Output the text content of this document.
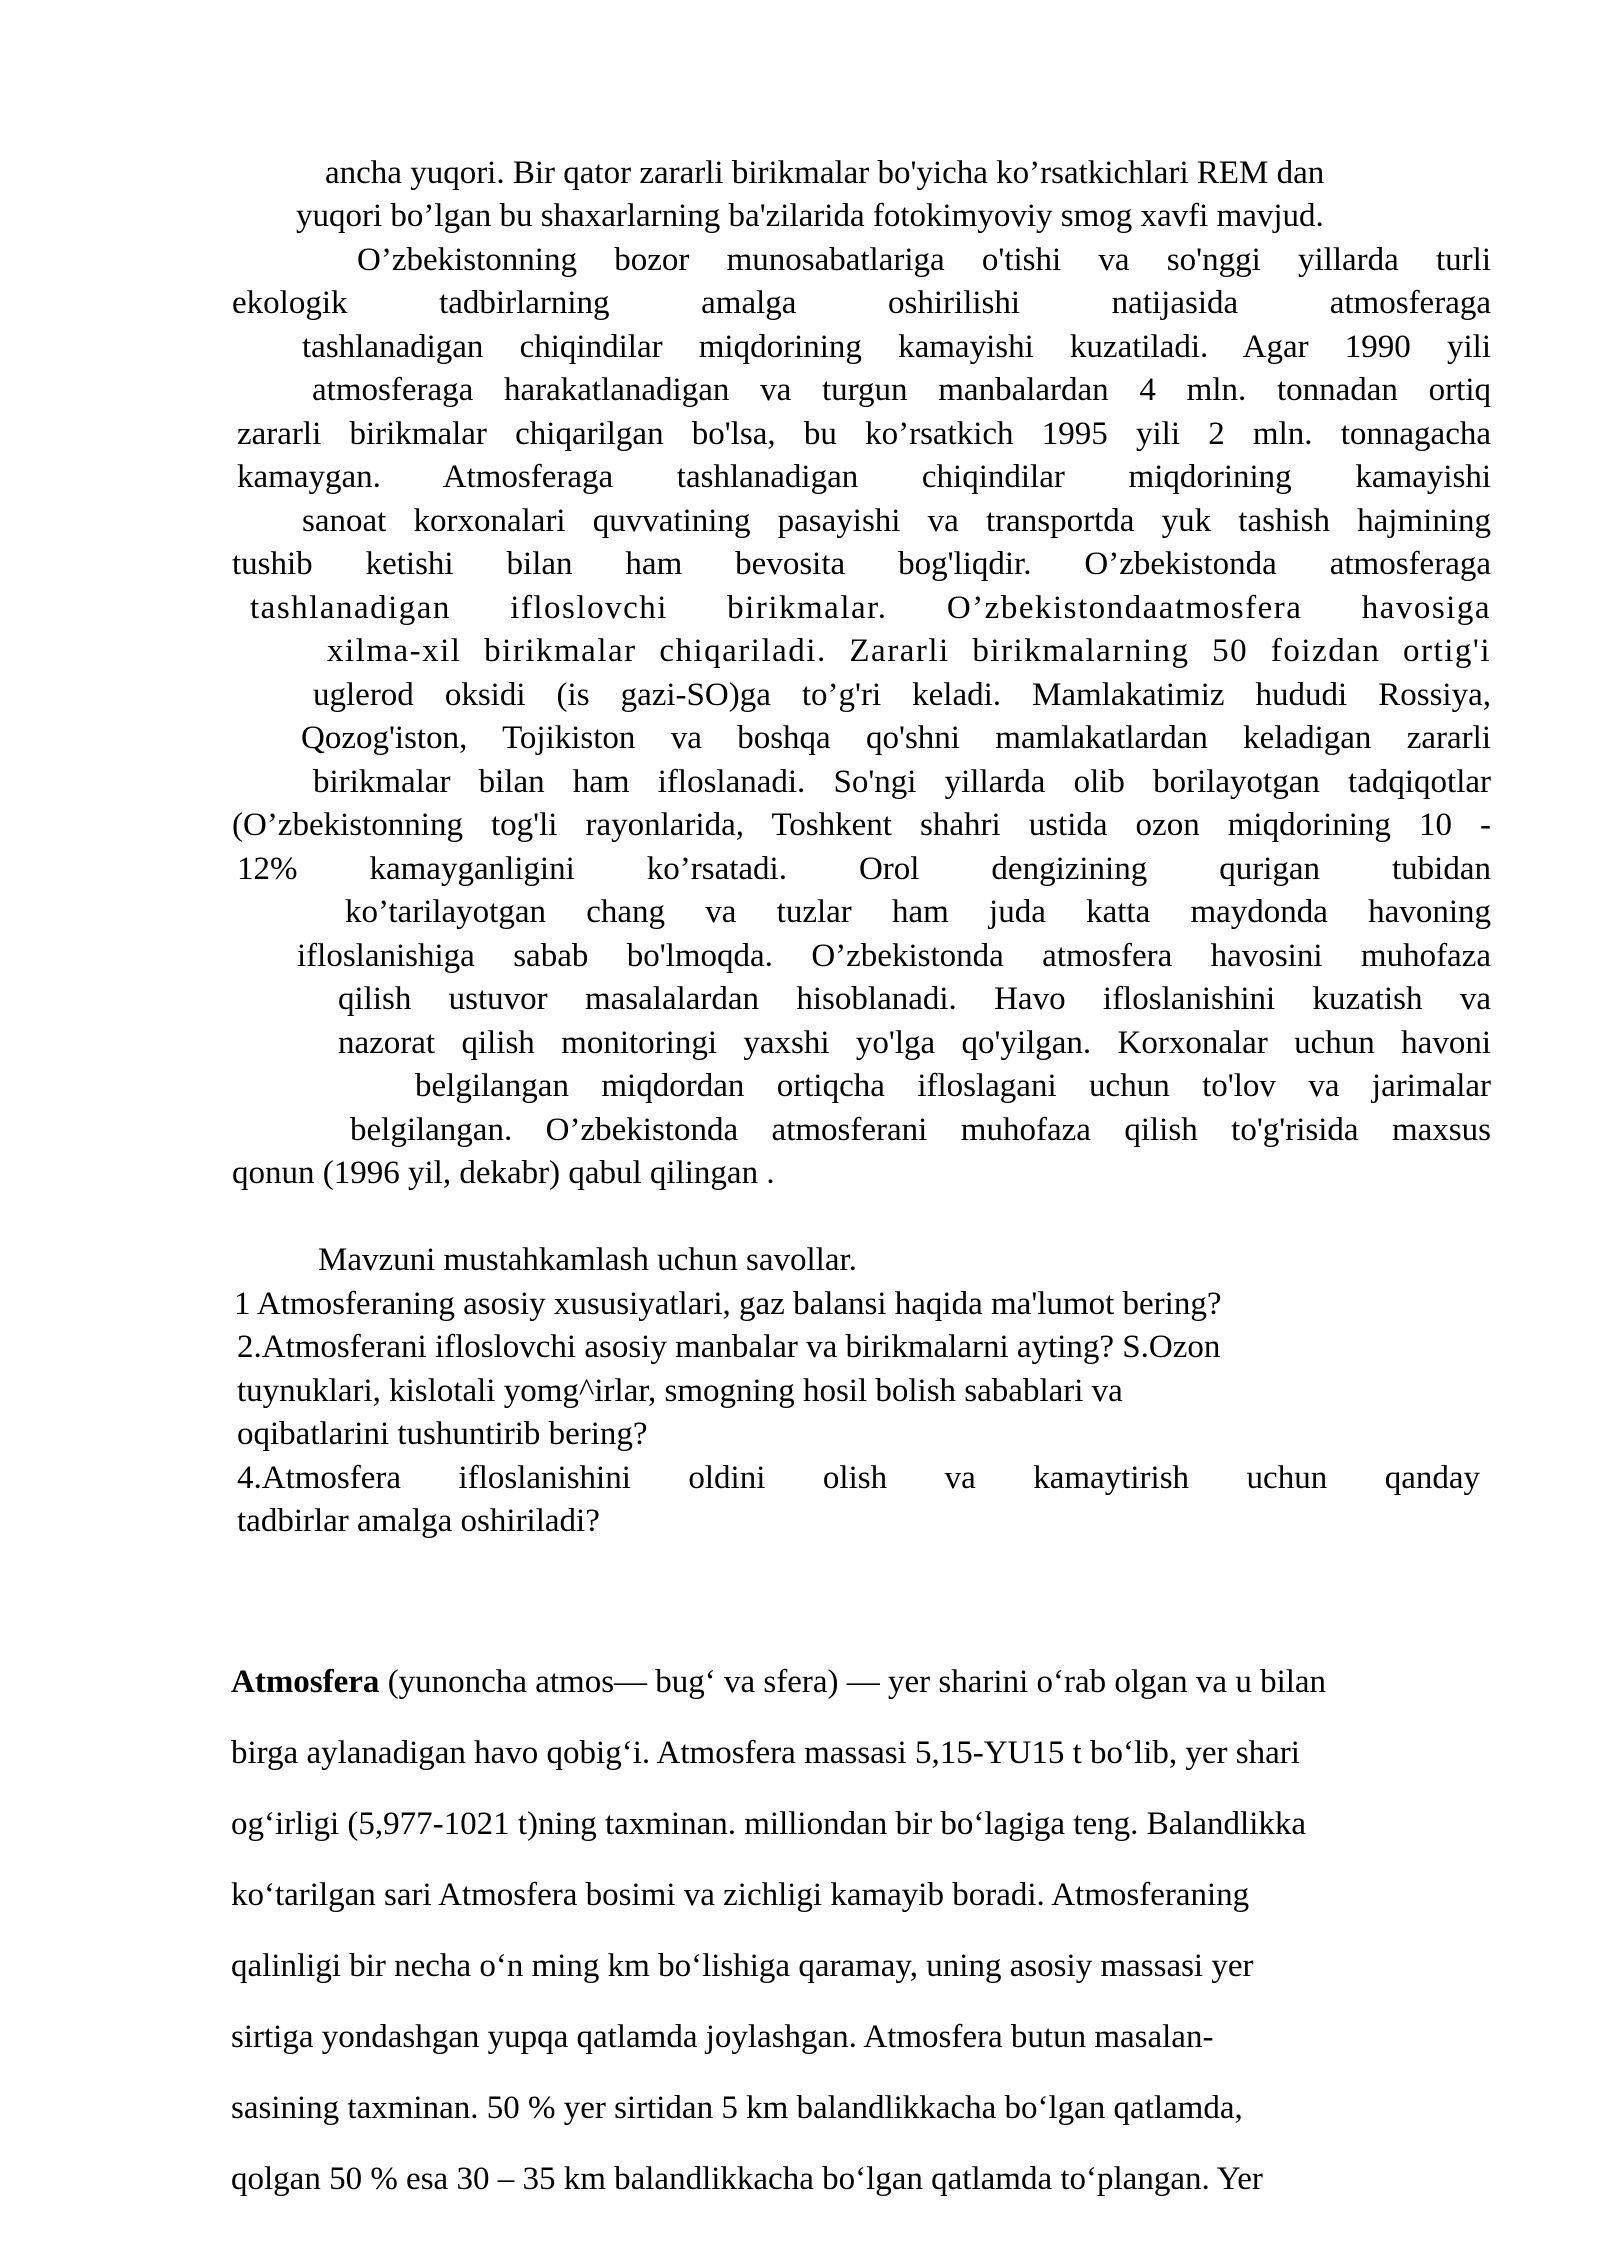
ancha yuqori. Bir qator zararli birikmalar bo'yicha ko’rsatkichlari REM dan
yuqori bo’lgan bu shaxarlarning ba'zilarida fotokimyoviy smog xavfi mavjud.
O’zbekistonning bozor munosabatlariga o'tishi va so'nggi yillarda turli
ekologik tadbirlarning amalga oshirilishi natijasida atmosferaga
tashlanadigan chiqindilar miqdorining kamayishi kuzatiladi. Agar 1990 yili
atmosferaga harakatlanadigan va turgun manbalardan 4 mln. tonnadan ortiq
zararli birikmalar chiqarilgan bo'lsa, bu ko’rsatkich 1995 yili 2 mln. tonnagacha
kamaygan. Atmosferaga tashlanadigan chiqindilar miqdorining kamayishi
sanoat korxonalari quvvatining pasayishi va transportda yuk tashish hajmining
tushib ketishi bilan ham bevosita bog'liqdir. O’zbekistonda atmosferaga
tashlanadigan ifloslovchi birikmalar. O’zbekistondaatmosfera havosiga
xilma-xil birikmalar chiqariladi. Zararli birikmalarning 50 foizdan ortig'i
uglerod oksidi (is gazi-SO)ga to’g'ri keladi. Mamlakatimiz hududi Rossiya,
Qozog'iston, Tojikiston va boshqa qo'shni mamlakatlardan keladigan zararli
birikmalar bilan ham ifloslanadi. So'ngi yillarda olib borilayotgan tadqiqotlar
(O’zbekistonning tog'li rayonlarida, Toshkent shahri ustida ozon miqdorining 10 -
12% kamayganligini ko’rsatadi. Orol dengizining qurigan tubidan
ko’tarilayotgan chang va tuzlar ham juda katta maydonda havoning
ifloslanishiga sabab bo'lmoqda. O’zbekistonda atmosfera havosini muhofaza
qilish ustuvor masalalardan hisoblanadi. Havo ifloslanishini kuzatish va
nazorat qilish monitoringi yaxshi yo'lga qo'yilgan. Korxonalar uchun havoni
belgilangan miqdordan ortiqcha ifloslagani uchun to'lov va jarimalar
belgilangan. O’zbekistonda atmosferani muhofaza qilish to'g'risida maxsus
qonun (1996 yil, dekabr) qabul qilingan .
Mavzuni mustahkamlash uchun savollar.
1 Atmosferaning asosiy xususiyatlari, gaz balansi haqida ma'lumot bering?
2.Atmosferani ifloslovchi asosiy manbalar va birikmalarni ayting? S.Ozon
tuynuklari, kislotali yomg^irlar, smogning hosil bolish sabablari va
oqibatlarini tushuntirib bering?
4.Atmosfera ifloslanishini oldini olish va kamaytirish uchun qanday
tadbirlar amalga oshiriladi?
Atmosfera (yunoncha atmos— bugʻ va sfera) — yer sharini oʻrab olgan va u bilan
birga aylanadigan havo qobigʻi. Atmosfera massasi 5,15-YU15 t boʻlib, yer shari
ogʻirligi (5,977-1021 t)ning taxminan. milliondan bir boʻlagiga teng. Balandlikka
koʻtarilgan sari Atmosfera bosimi va zichligi kamayib boradi. Atmosferaning
qalinligi bir necha oʻn ming km boʻlishiga qaramay, uning asosiy massasi yer
sirtiga yondashgan yupqa qatlamda joylashgan. Atmosfera butun masalan-
sasining taxminan. 50 % yer sirtidan 5 km balandlikkacha boʻlgan qatlamda,
qolgan 50 % esa 30 – 35 km balandlikkacha boʻlgan qatlamda toʻplangan. Yer
